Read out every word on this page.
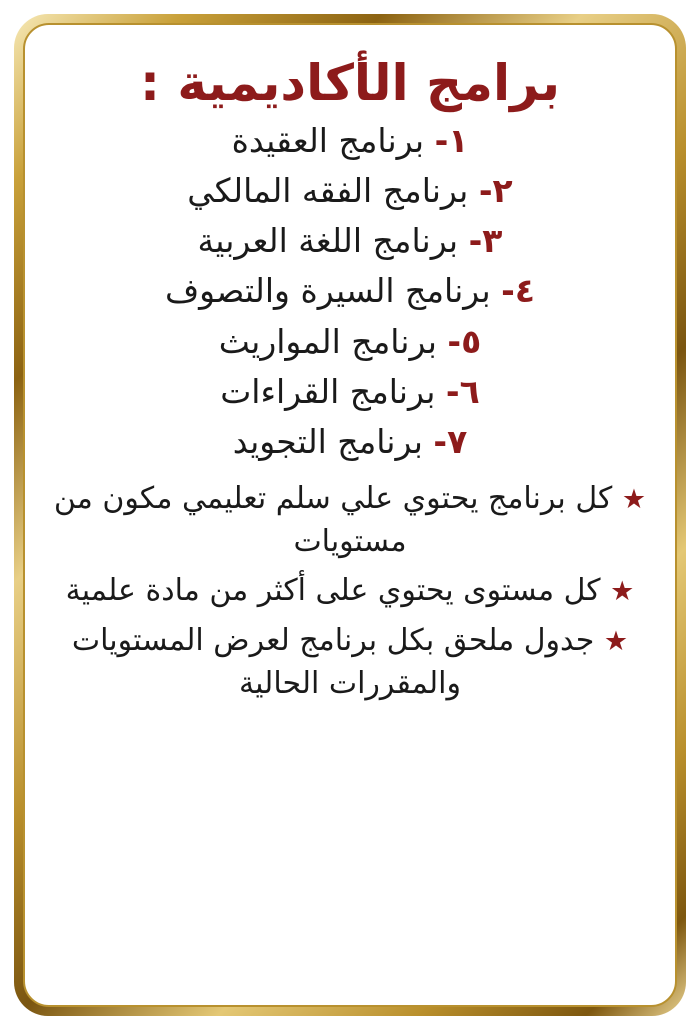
برامج الأكاديمية :
١- برنامج العقيدة
٢- برنامج الفقه المالكي
٣- برنامج اللغة العربية
٤- برنامج السيرة والتصوف
٥- برنامج المواريث
٦- برنامج القراءات
٧- برنامج التجويد
★ كل برنامج يحتوي علي سلم تعليمي مكون من مستويات
★ كل مستوى يحتوي على أكثر من مادة علمية
★ جدول ملحق بكل برنامج لعرض المستويات والمقررات الحالية
